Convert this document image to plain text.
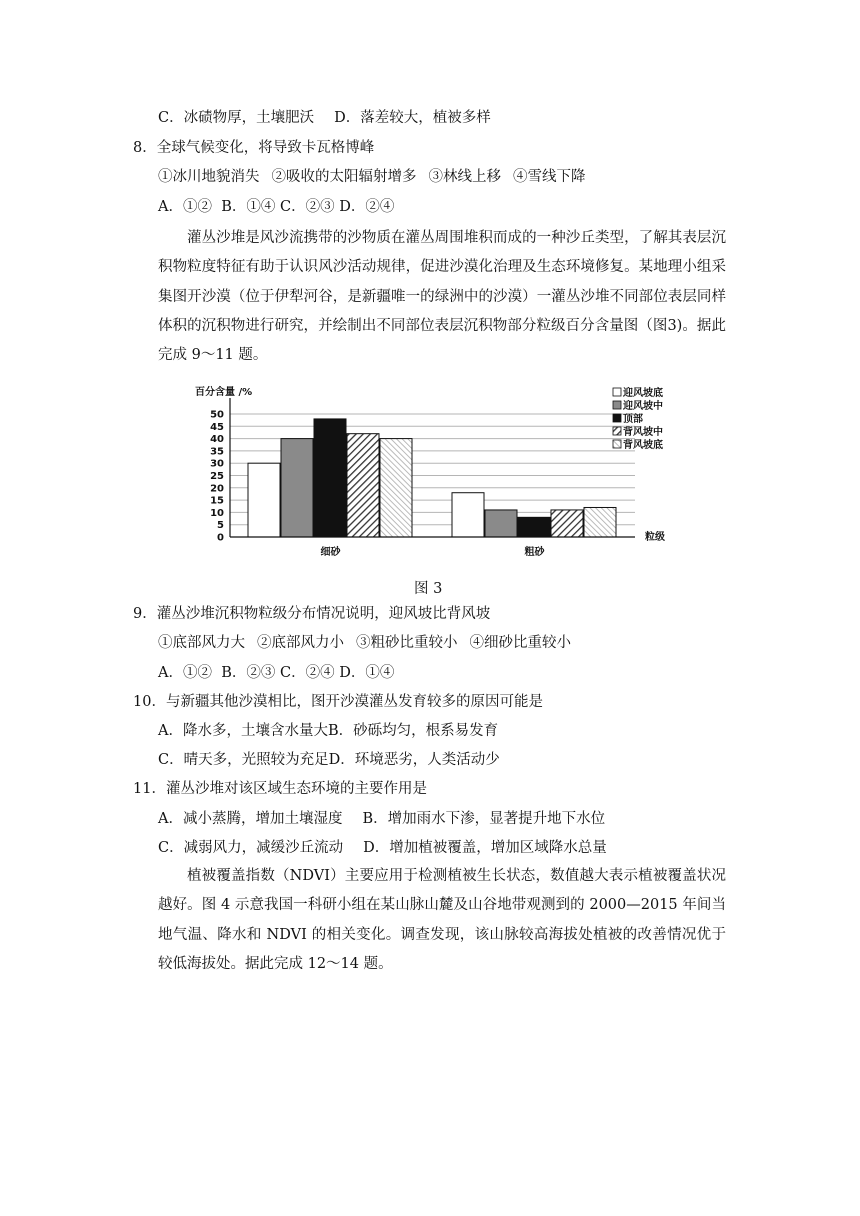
C．冰碛物厚，土壤肥沃 D．落差较大，植被多样
8．全球气候变化，将导致卡瓦格博峰
①冰川地貌消失 ②吸收的太阳辐射增多 ③林线上移 ④雪线下降
A．①② B．①④ C．②③ D．②④
灌丛沙堆是风沙流携带的沙物质在灌丛周围堆积而成的一种沙丘类型，了解其表层沉积物粒度特征有助于认识风沙活动规律，促进沙漠化治理及生态环境修复。某地理小组采集图开沙漠（位于伊犁河谷，是新疆唯一的绿洲中的沙漠）一灌丛沙堆不同部位表层同样体积的沉积物进行研究，并绘制出不同部位表层沉积物部分粒级百分含量图（图3)。据此完成 9～11 题。
百分含量 /%
0
5
10
15
20
25
30
35
40
45
50
细砂	粗砂
粒级
迎风坡底
迎风坡中
顶部
背风坡中
背风坡底
图 3
9．灌丛沙堆沉积物粒级分布情况说明，迎风坡比背风坡
①底部风力大 ②底部风力小 ③粗砂比重较小 ④细砂比重较小
A．①② B．②③ C．②④ D．①④
10．与新疆其他沙漠相比，图开沙漠灌丛发育较多的原因可能是
A．降水多，土壤含水量大B．砂砾均匀，根系易发育
C．晴天多，光照较为充足D．环境恶劣，人类活动少
11．灌丛沙堆对该区域生态环境的主要作用是
A．减小蒸腾，增加土壤湿度 B．增加雨水下渗，显著提升地下水位
C．减弱风力，减缓沙丘流动 D．增加植被覆盖，增加区域降水总量
植被覆盖指数（NDVI）主要应用于检测植被生长状态，数值越大表示植被覆盖状况越好。图 4 示意我国一科研小组在某山脉山麓及山谷地带观测到的 2000—2015 年间当地气温、降水和 NDVI 的相关变化。调查发现，该山脉较高海拔处植被的改善情况优于较低海拔处。据此完成 12～14 题。
